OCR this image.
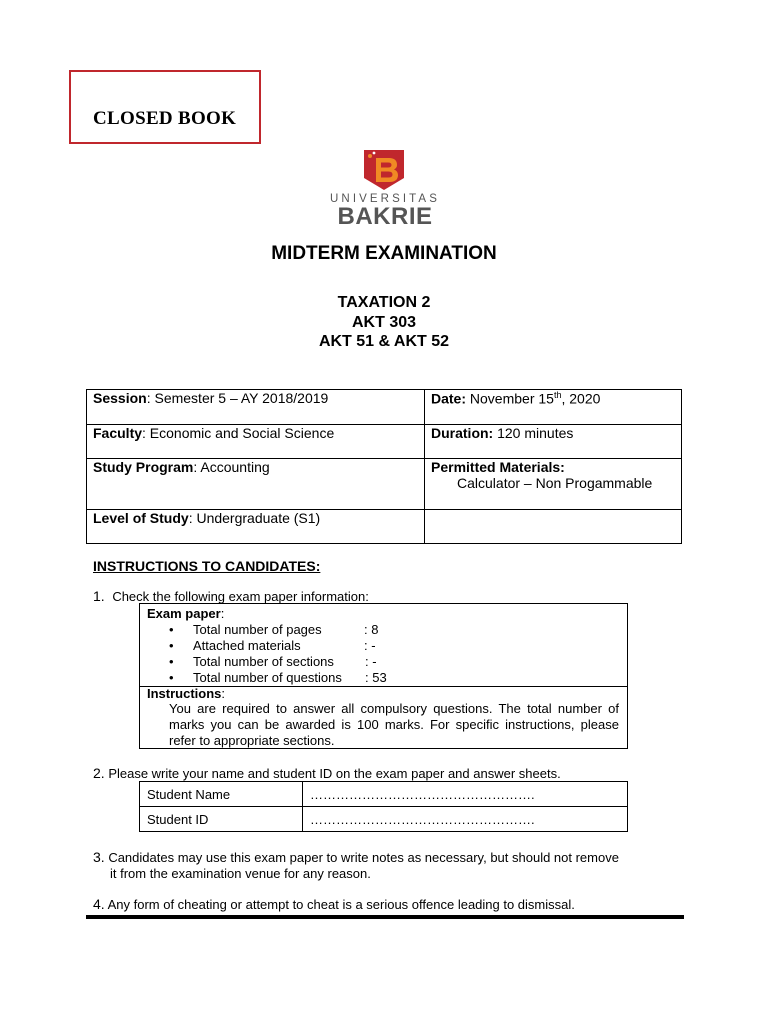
CLOSED BOOK
UNIVERSITAS
BAKRIE
MIDTERM EXAMINATION
TAXATION 2
AKT 303
AKT 51 & AKT 52
Session: Semester 5 – AY 2018/2019	Date: November 15th, 2020
Faculty: Economic and Social Science	Duration: 120 minutes
Study Program: Accounting	Permitted Materials:
Calculator – Non Progammable
Level of Study: Undergraduate (S1)	
INSTRUCTIONS TO CANDIDATES:
1. Check the following exam paper information:
Exam paper:
• Total number of pages	: 8
• Attached materials	: -
• Total number of sections : -
• Total number of questions : 53
Instructions:
You are required to answer all compulsory questions. The total number of marks you can be awarded is 100 marks. For specific instructions, please refer to appropriate sections.
2. Please write your name and student ID on the exam paper and answer sheets.
Student Name	…………………………………………….
Student ID	…………………………………………….
3. Candidates may use this exam paper to write notes as necessary, but should not remove
it from the examination venue for any reason.
4. Any form of cheating or attempt to cheat is a serious offence leading to dismissal.
